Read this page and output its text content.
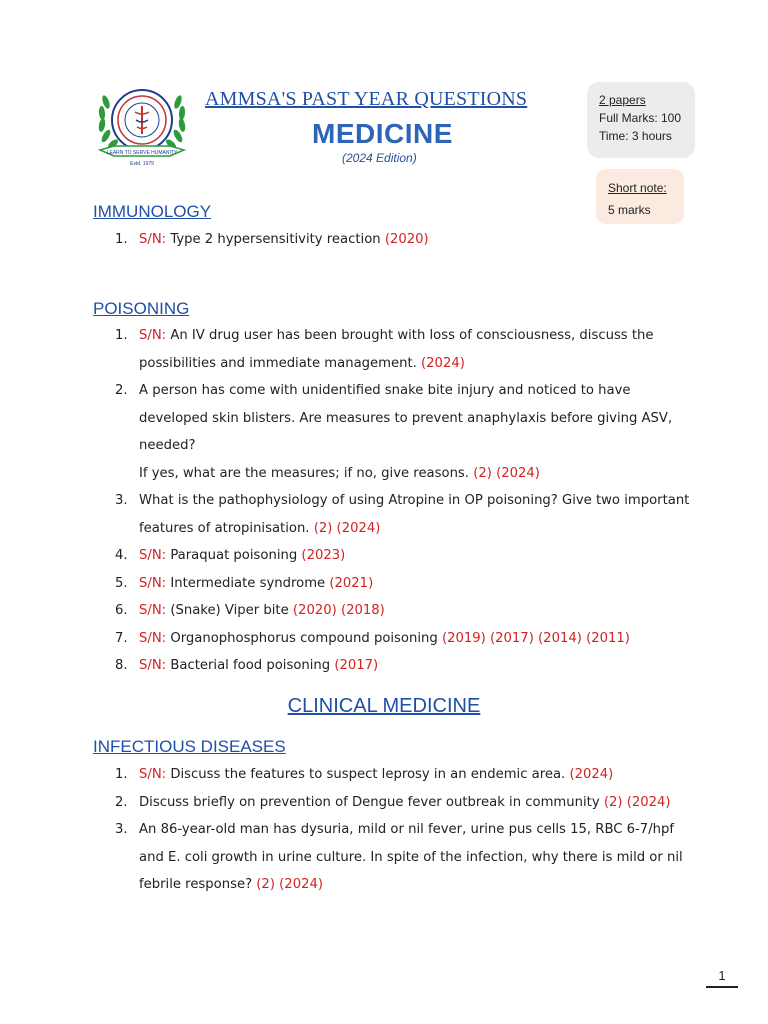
LEARN TO SERVE HUMANITY
Estd. 1979
AMMSA'S PAST YEAR QUESTIONS
MEDICINE
(2024 Edition)
2 papers
Full Marks: 100
Time: 3 hours
Short note:
5 marks
IMMUNOLOGY
1. S/N: Type 2 hypersensitivity reaction (2020)
POISONING
1. S/N: An IV drug user has been brought with loss of consciousness, discuss the possibilities and immediate management. (2024)
2. A person has come with unidentified snake bite injury and noticed to have developed skin blisters. Are measures to prevent anaphylaxis before giving ASV, needed?
If yes, what are the measures; if no, give reasons. (2) (2024)
3. What is the pathophysiology of using Atropine in OP poisoning? Give two important features of atropinisation. (2) (2024)
4. S/N: Paraquat poisoning (2023)
5. S/N: Intermediate syndrome (2021)
6. S/N: (Snake) Viper bite (2020) (2018)
7. S/N: Organophosphorus compound poisoning (2019) (2017) (2014) (2011)
8. S/N: Bacterial food poisoning (2017)
CLINICAL MEDICINE
INFECTIOUS DISEASES
1. S/N: Discuss the features to suspect leprosy in an endemic area. (2024)
2. Discuss briefly on prevention of Dengue fever outbreak in community (2) (2024)
3. An 86-year-old man has dysuria, mild or nil fever, urine pus cells 15, RBC 6-7/hpf and E. coli growth in urine culture. In spite of the infection, why there is mild or nil febrile response? (2) (2024)
1
